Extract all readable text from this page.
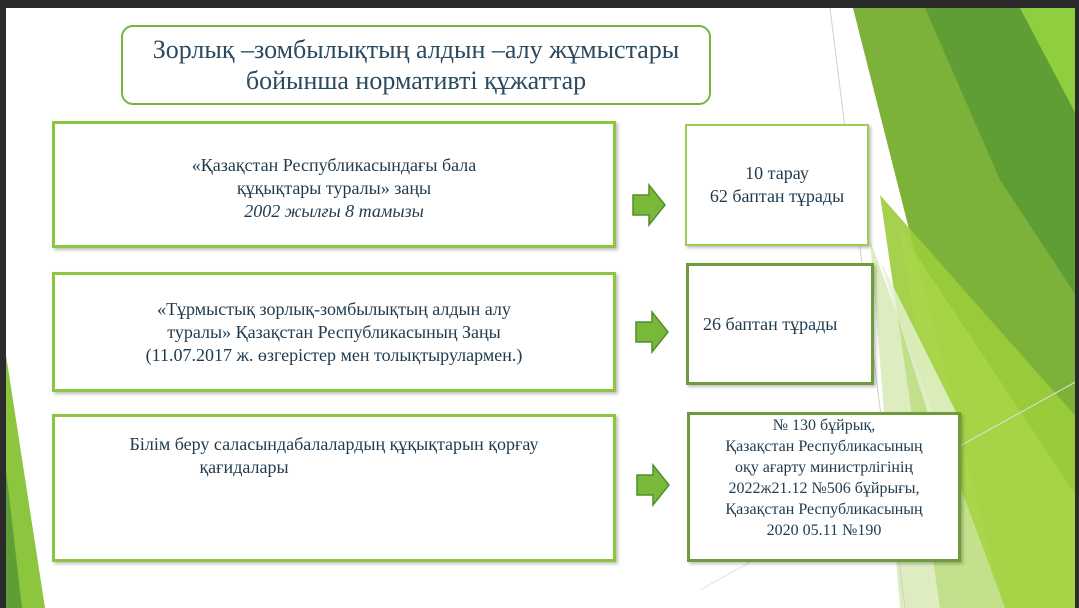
Зорлық –зомбылықтың алдын –алу жұмыстары
бойынша нормативті құжаттар
«Қазақстан Республикасындағы бала
құқықтары туралы» заңы
2002 жылғы 8 тамызы
10 тарау
62 баптан тұрады
«Тұрмыстық зорлық-зомбылықтың алдын алу
туралы» Қазақстан Республикасының Заңы
(11.07.2017 ж. өзгерістер мен толықтырулармен.)
26 баптан тұрады
Білім беру саласындабалалардың құқықтарын қорғау
қағидалары
№ 130 бұйрық,
Қазақстан Республикасының
оқу ағарту министрлігінің
2022ж21.12 №506 бұйрығы,
Қазақстан Республикасының
2020 05.11 №190
